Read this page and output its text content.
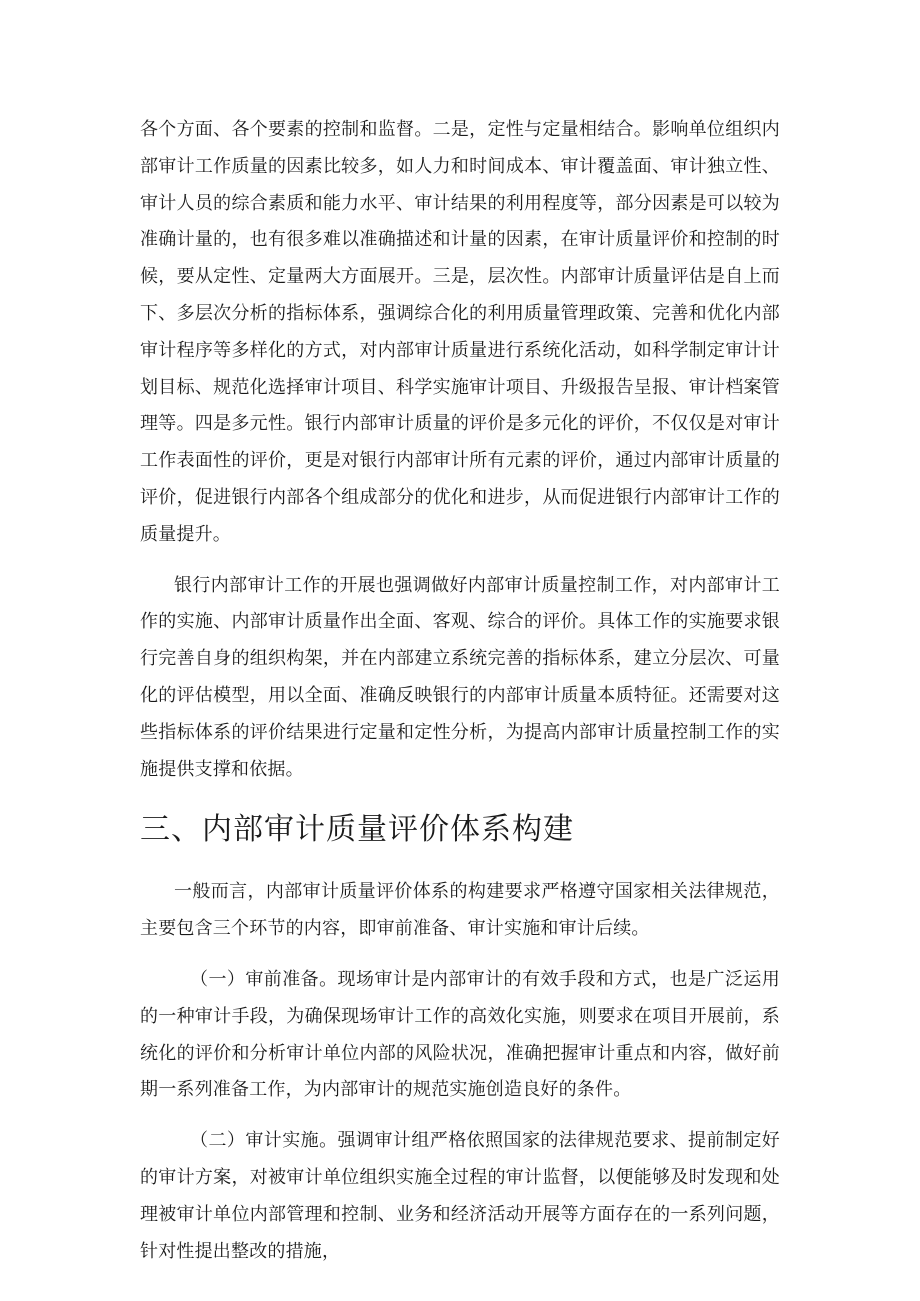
各个方面、各个要素的控制和监督。二是，定性与定量相结合。影响单位组织内部审计工作质量的因素比较多，如人力和时间成本、审计覆盖面、审计独立性、审计人员的综合素质和能力水平、审计结果的利用程度等，部分因素是可以较为准确计量的，也有很多难以准确描述和计量的因素，在审计质量评价和控制的时候，要从定性、定量两大方面展开。三是，层次性。内部审计质量评估是自上而下、多层次分析的指标体系，强调综合化的利用质量管理政策、完善和优化内部审计程序等多样化的方式，对内部审计质量进行系统化活动，如科学制定审计计划目标、规范化选择审计项目、科学实施审计项目、升级报告呈报、审计档案管理等。四是多元性。银行内部审计质量的评价是多元化的评价，不仅仅是对审计工作表面性的评价，更是对银行内部审计所有元素的评价，通过内部审计质量的评价，促进银行内部各个组成部分的优化和进步，从而促进银行内部审计工作的质量提升。

银行内部审计工作的开展也强调做好内部审计质量控制工作，对内部审计工作的实施、内部审计质量作出全面、客观、综合的评价。具体工作的实施要求银行完善自身的组织构架，并在内部建立系统完善的指标体系，建立分层次、可量化的评估模型，用以全面、准确反映银行的内部审计质量本质特征。还需要对这些指标体系的评价结果进行定量和定性分析，为提高内部审计质量控制工作的实施提供支撑和依据。

三、内部审计质量评价体系构建

一般而言，内部审计质量评价体系的构建要求严格遵守国家相关法律规范，主要包含三个环节的内容，即审前准备、审计实施和审计后续。

（一）审前准备。现场审计是内部审计的有效手段和方式，也是广泛运用的一种审计手段，为确保现场审计工作的高效化实施，则要求在项目开展前，系统化的评价和分析审计单位内部的风险状况，准确把握审计重点和内容，做好前期一系列准备工作，为内部审计的规范实施创造良好的条件。

（二）审计实施。强调审计组严格依照国家的法律规范要求、提前制定好的审计方案，对被审计单位组织实施全过程的审计监督，以便能够及时发现和处理被审计单位内部管理和控制、业务和经济活动开展等方面存在的一系列问题，针对性提出整改的措施，
